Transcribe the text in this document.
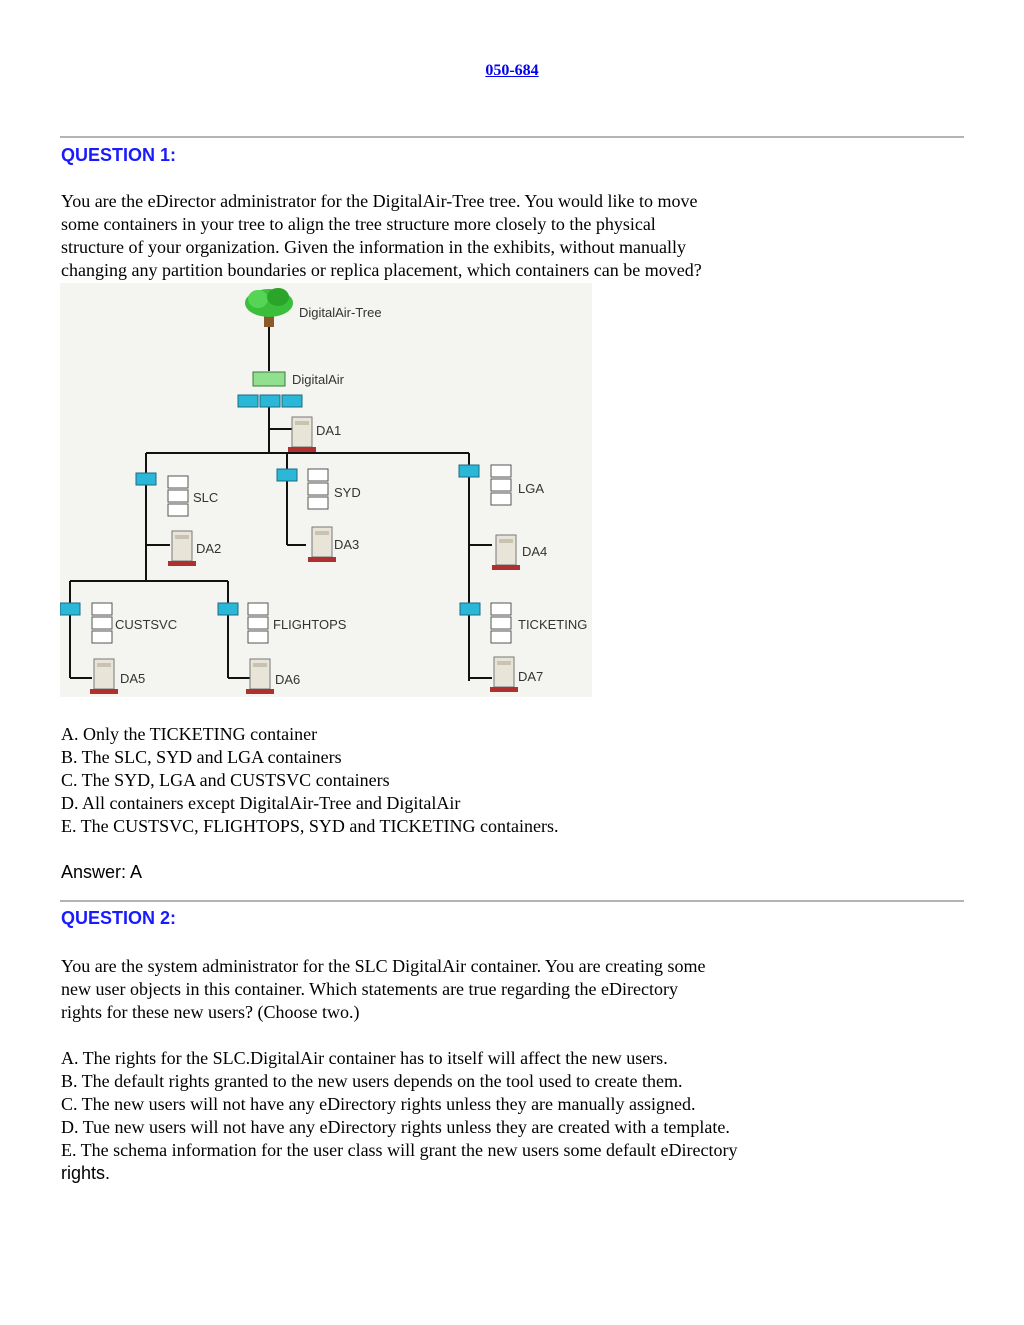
050-684
QUESTION 1:
You are the eDirector administrator for the DigitalAir-Tree tree. You would like to move
some containers in your tree to align the tree structure more closely to the physical
structure of your organization. Given the information in the exhibits, without manually
changing any partition boundaries or replica placement, which containers can be moved?
DigitalAir-Tree
DigitalAir
DA1
SLC
DA2
SYD
DA3
LGA
DA4
CUSTSVC
DA5
FLIGHTOPS
DA6
TICKETING
DA7
A. Only the TICKETING container
B. The SLC, SYD and LGA containers
C. The SYD, LGA and CUSTSVC containers
D. All containers except DigitalAir-Tree and DigitalAir
E. The CUSTSVC, FLIGHTOPS, SYD and TICKETING containers.
Answer: A
QUESTION 2:
You are the system administrator for the SLC DigitalAir container. You are creating some
new user objects in this container. Which statements are true regarding the eDirectory
rights for these new users? (Choose two.)
A. The rights for the SLC.DigitalAir container has to itself will affect the new users.
B. The default rights granted to the new users depends on the tool used to create them.
C. The new users will not have any eDirectory rights unless they are manually assigned.
D. Tue new users will not have any eDirectory rights unless they are created with a template.
E. The schema information for the user class will grant the new users some default eDirectory
rights.
